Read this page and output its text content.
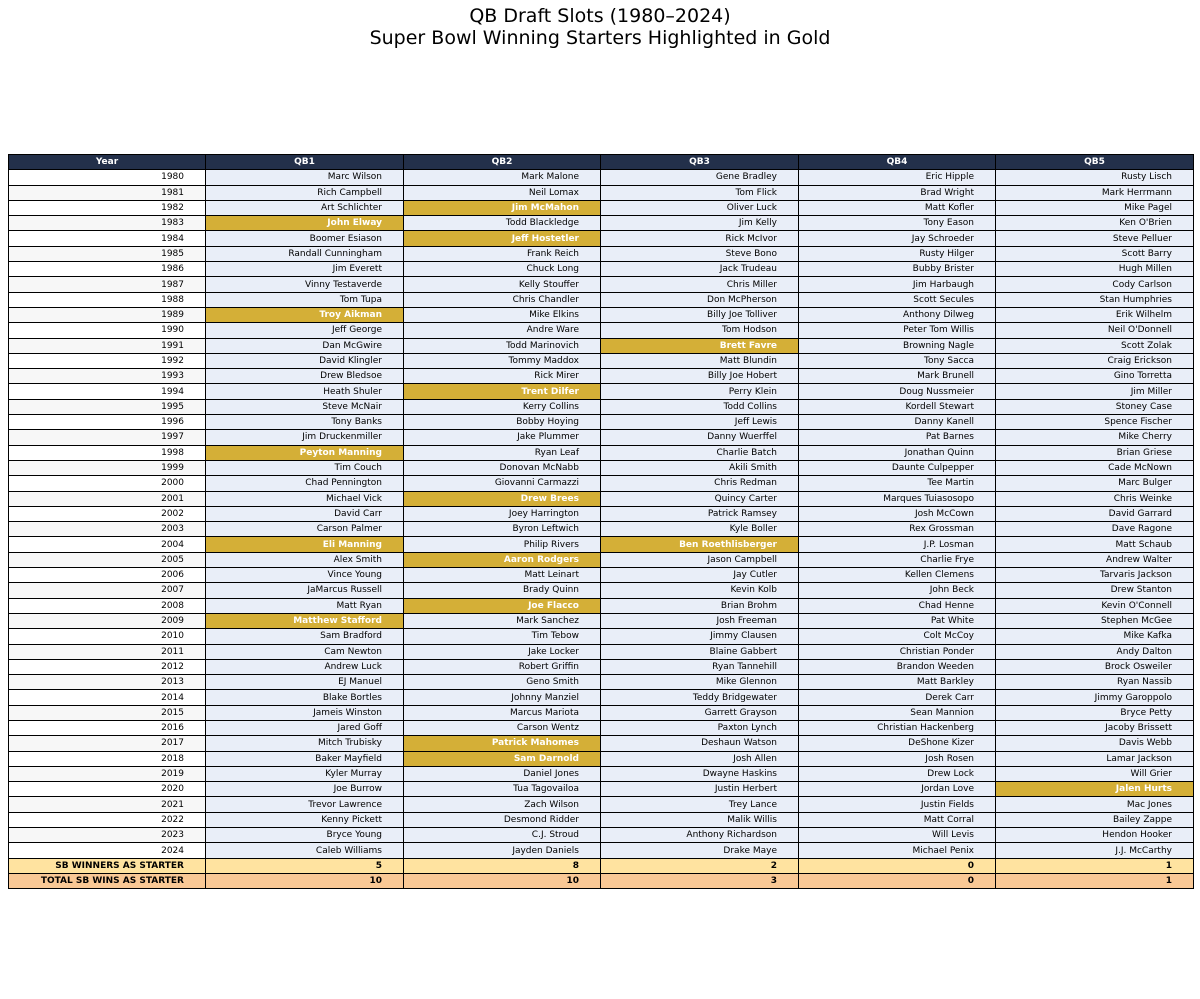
QB Draft Slots (1980–2024)
Super Bowl Winning Starters Highlighted in Gold
Year	QB1	QB2	QB3	QB4	QB5
1980	Marc Wilson	Mark Malone	Gene Bradley	Eric Hipple	Rusty Lisch
1981	Rich Campbell	Neil Lomax	Tom Flick	Brad Wright	Mark Herrmann
1982	Art Schlichter	Jim McMahon	Oliver Luck	Matt Kofler	Mike Pagel
1983	John Elway	Todd Blackledge	Jim Kelly	Tony Eason	Ken O'Brien
1984	Boomer Esiason	Jeff Hostetler	Rick McIvor	Jay Schroeder	Steve Pelluer
1985	Randall Cunningham	Frank Reich	Steve Bono	Rusty Hilger	Scott Barry
1986	Jim Everett	Chuck Long	Jack Trudeau	Bubby Brister	Hugh Millen
1987	Vinny Testaverde	Kelly Stouffer	Chris Miller	Jim Harbaugh	Cody Carlson
1988	Tom Tupa	Chris Chandler	Don McPherson	Scott Secules	Stan Humphries
1989	Troy Aikman	Mike Elkins	Billy Joe Tolliver	Anthony Dilweg	Erik Wilhelm
1990	Jeff George	Andre Ware	Tom Hodson	Peter Tom Willis	Neil O'Donnell
1991	Dan McGwire	Todd Marinovich	Brett Favre	Browning Nagle	Scott Zolak
1992	David Klingler	Tommy Maddox	Matt Blundin	Tony Sacca	Craig Erickson
1993	Drew Bledsoe	Rick Mirer	Billy Joe Hobert	Mark Brunell	Gino Torretta
1994	Heath Shuler	Trent Dilfer	Perry Klein	Doug Nussmeier	Jim Miller
1995	Steve McNair	Kerry Collins	Todd Collins	Kordell Stewart	Stoney Case
1996	Tony Banks	Bobby Hoying	Jeff Lewis	Danny Kanell	Spence Fischer
1997	Jim Druckenmiller	Jake Plummer	Danny Wuerffel	Pat Barnes	Mike Cherry
1998	Peyton Manning	Ryan Leaf	Charlie Batch	Jonathan Quinn	Brian Griese
1999	Tim Couch	Donovan McNabb	Akili Smith	Daunte Culpepper	Cade McNown
2000	Chad Pennington	Giovanni Carmazzi	Chris Redman	Tee Martin	Marc Bulger
2001	Michael Vick	Drew Brees	Quincy Carter	Marques Tuiasosopo	Chris Weinke
2002	David Carr	Joey Harrington	Patrick Ramsey	Josh McCown	David Garrard
2003	Carson Palmer	Byron Leftwich	Kyle Boller	Rex Grossman	Dave Ragone
2004	Eli Manning	Philip Rivers	Ben Roethlisberger	J.P. Losman	Matt Schaub
2005	Alex Smith	Aaron Rodgers	Jason Campbell	Charlie Frye	Andrew Walter
2006	Vince Young	Matt Leinart	Jay Cutler	Kellen Clemens	Tarvaris Jackson
2007	JaMarcus Russell	Brady Quinn	Kevin Kolb	John Beck	Drew Stanton
2008	Matt Ryan	Joe Flacco	Brian Brohm	Chad Henne	Kevin O'Connell
2009	Matthew Stafford	Mark Sanchez	Josh Freeman	Pat White	Stephen McGee
2010	Sam Bradford	Tim Tebow	Jimmy Clausen	Colt McCoy	Mike Kafka
2011	Cam Newton	Jake Locker	Blaine Gabbert	Christian Ponder	Andy Dalton
2012	Andrew Luck	Robert Griffin	Ryan Tannehill	Brandon Weeden	Brock Osweiler
2013	EJ Manuel	Geno Smith	Mike Glennon	Matt Barkley	Ryan Nassib
2014	Blake Bortles	Johnny Manziel	Teddy Bridgewater	Derek Carr	Jimmy Garoppolo
2015	Jameis Winston	Marcus Mariota	Garrett Grayson	Sean Mannion	Bryce Petty
2016	Jared Goff	Carson Wentz	Paxton Lynch	Christian Hackenberg	Jacoby Brissett
2017	Mitch Trubisky	Patrick Mahomes	Deshaun Watson	DeShone Kizer	Davis Webb
2018	Baker Mayfield	Sam Darnold	Josh Allen	Josh Rosen	Lamar Jackson
2019	Kyler Murray	Daniel Jones	Dwayne Haskins	Drew Lock	Will Grier
2020	Joe Burrow	Tua Tagovailoa	Justin Herbert	Jordan Love	Jalen Hurts
2021	Trevor Lawrence	Zach Wilson	Trey Lance	Justin Fields	Mac Jones
2022	Kenny Pickett	Desmond Ridder	Malik Willis	Matt Corral	Bailey Zappe
2023	Bryce Young	C.J. Stroud	Anthony Richardson	Will Levis	Hendon Hooker
2024	Caleb Williams	Jayden Daniels	Drake Maye	Michael Penix	J.J. McCarthy
SB WINNERS AS STARTER	5	8	2	0	1
TOTAL SB WINS AS STARTER	10	10	3	0	1
